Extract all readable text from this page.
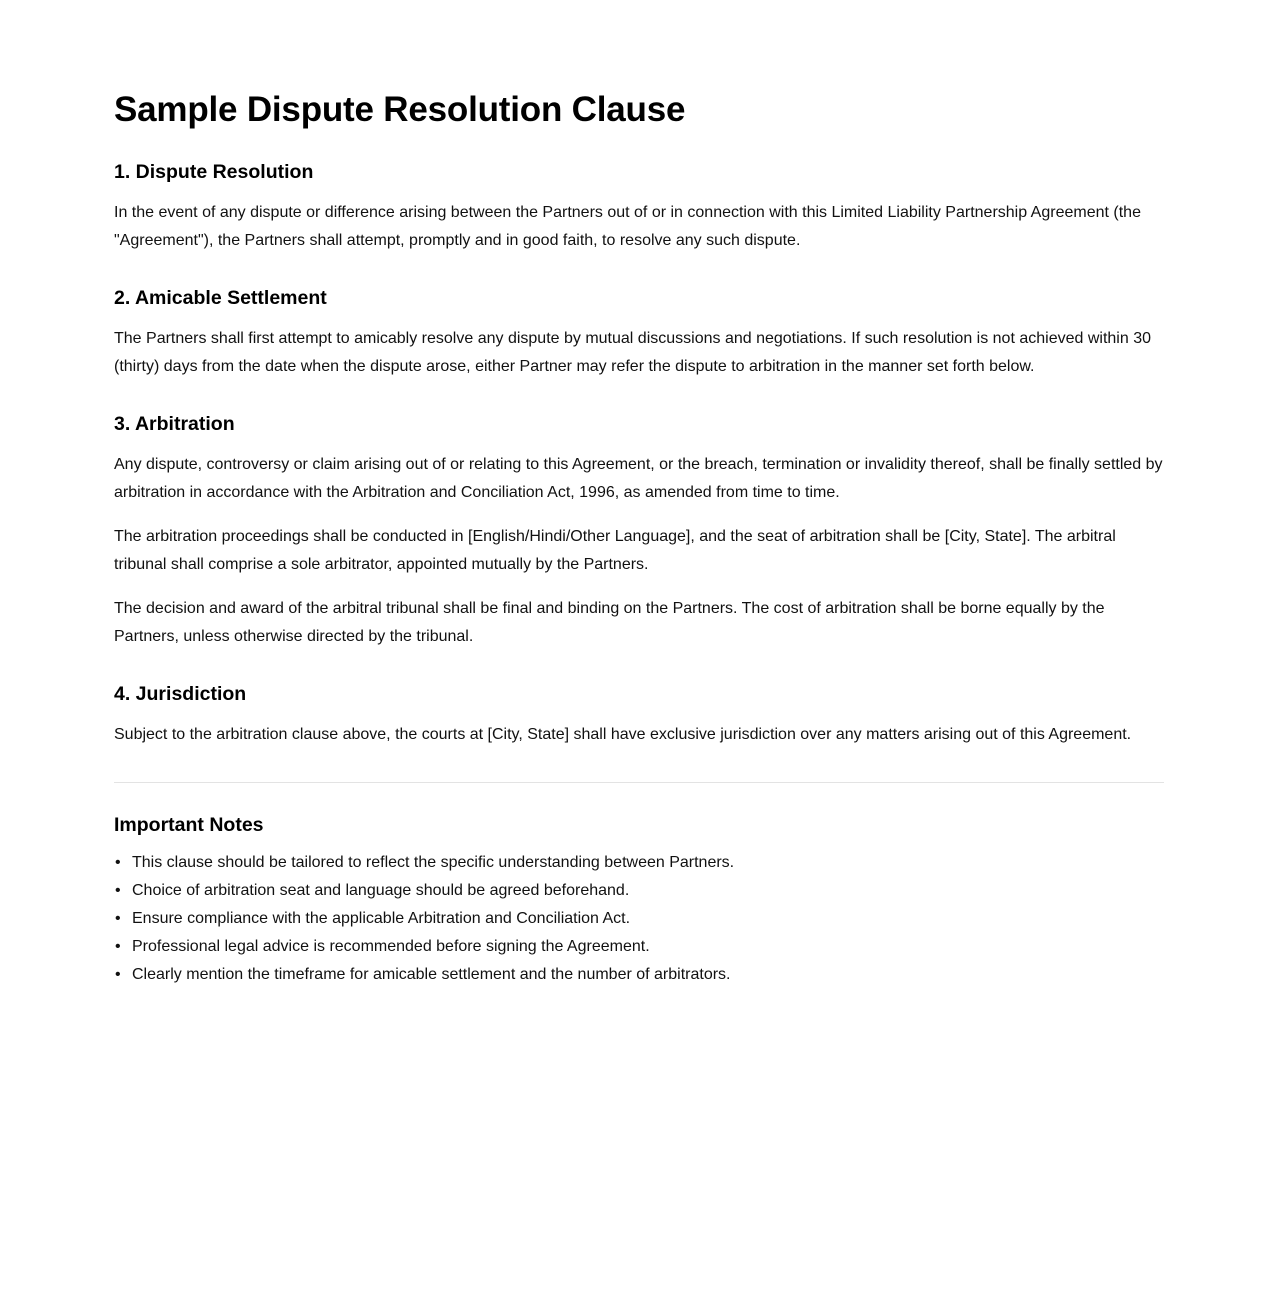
Sample Dispute Resolution Clause
1. Dispute Resolution

In the event of any dispute or difference arising between the Partners out of or in connection with this Limited Liability Partnership Agreement (the "Agreement"), the Partners shall attempt, promptly and in good faith, to resolve any such dispute.

2. Amicable Settlement

The Partners shall first attempt to amicably resolve any dispute by mutual discussions and negotiations. If such resolution is not achieved within 30 (thirty) days from the date when the dispute arose, either Partner may refer the dispute to arbitration in the manner set forth below.

3. Arbitration

Any dispute, controversy or claim arising out of or relating to this Agreement, or the breach, termination or invalidity thereof, shall be finally settled by arbitration in accordance with the Arbitration and Conciliation Act, 1996, as amended from time to time.

The arbitration proceedings shall be conducted in [English/Hindi/Other Language], and the seat of arbitration shall be [City, State]. The arbitral tribunal shall comprise a sole arbitrator, appointed mutually by the Partners.

The decision and award of the arbitral tribunal shall be final and binding on the Partners. The cost of arbitration shall be borne equally by the Partners, unless otherwise directed by the tribunal.

4. Jurisdiction

Subject to the arbitration clause above, the courts at [City, State] shall have exclusive jurisdiction over any matters arising out of this Agreement.

Important Notes
• This clause should be tailored to reflect the specific understanding between Partners.
• Choice of arbitration seat and language should be agreed beforehand.
• Ensure compliance with the applicable Arbitration and Conciliation Act.
• Professional legal advice is recommended before signing the Agreement.
• Clearly mention the timeframe for amicable settlement and the number of arbitrators.
